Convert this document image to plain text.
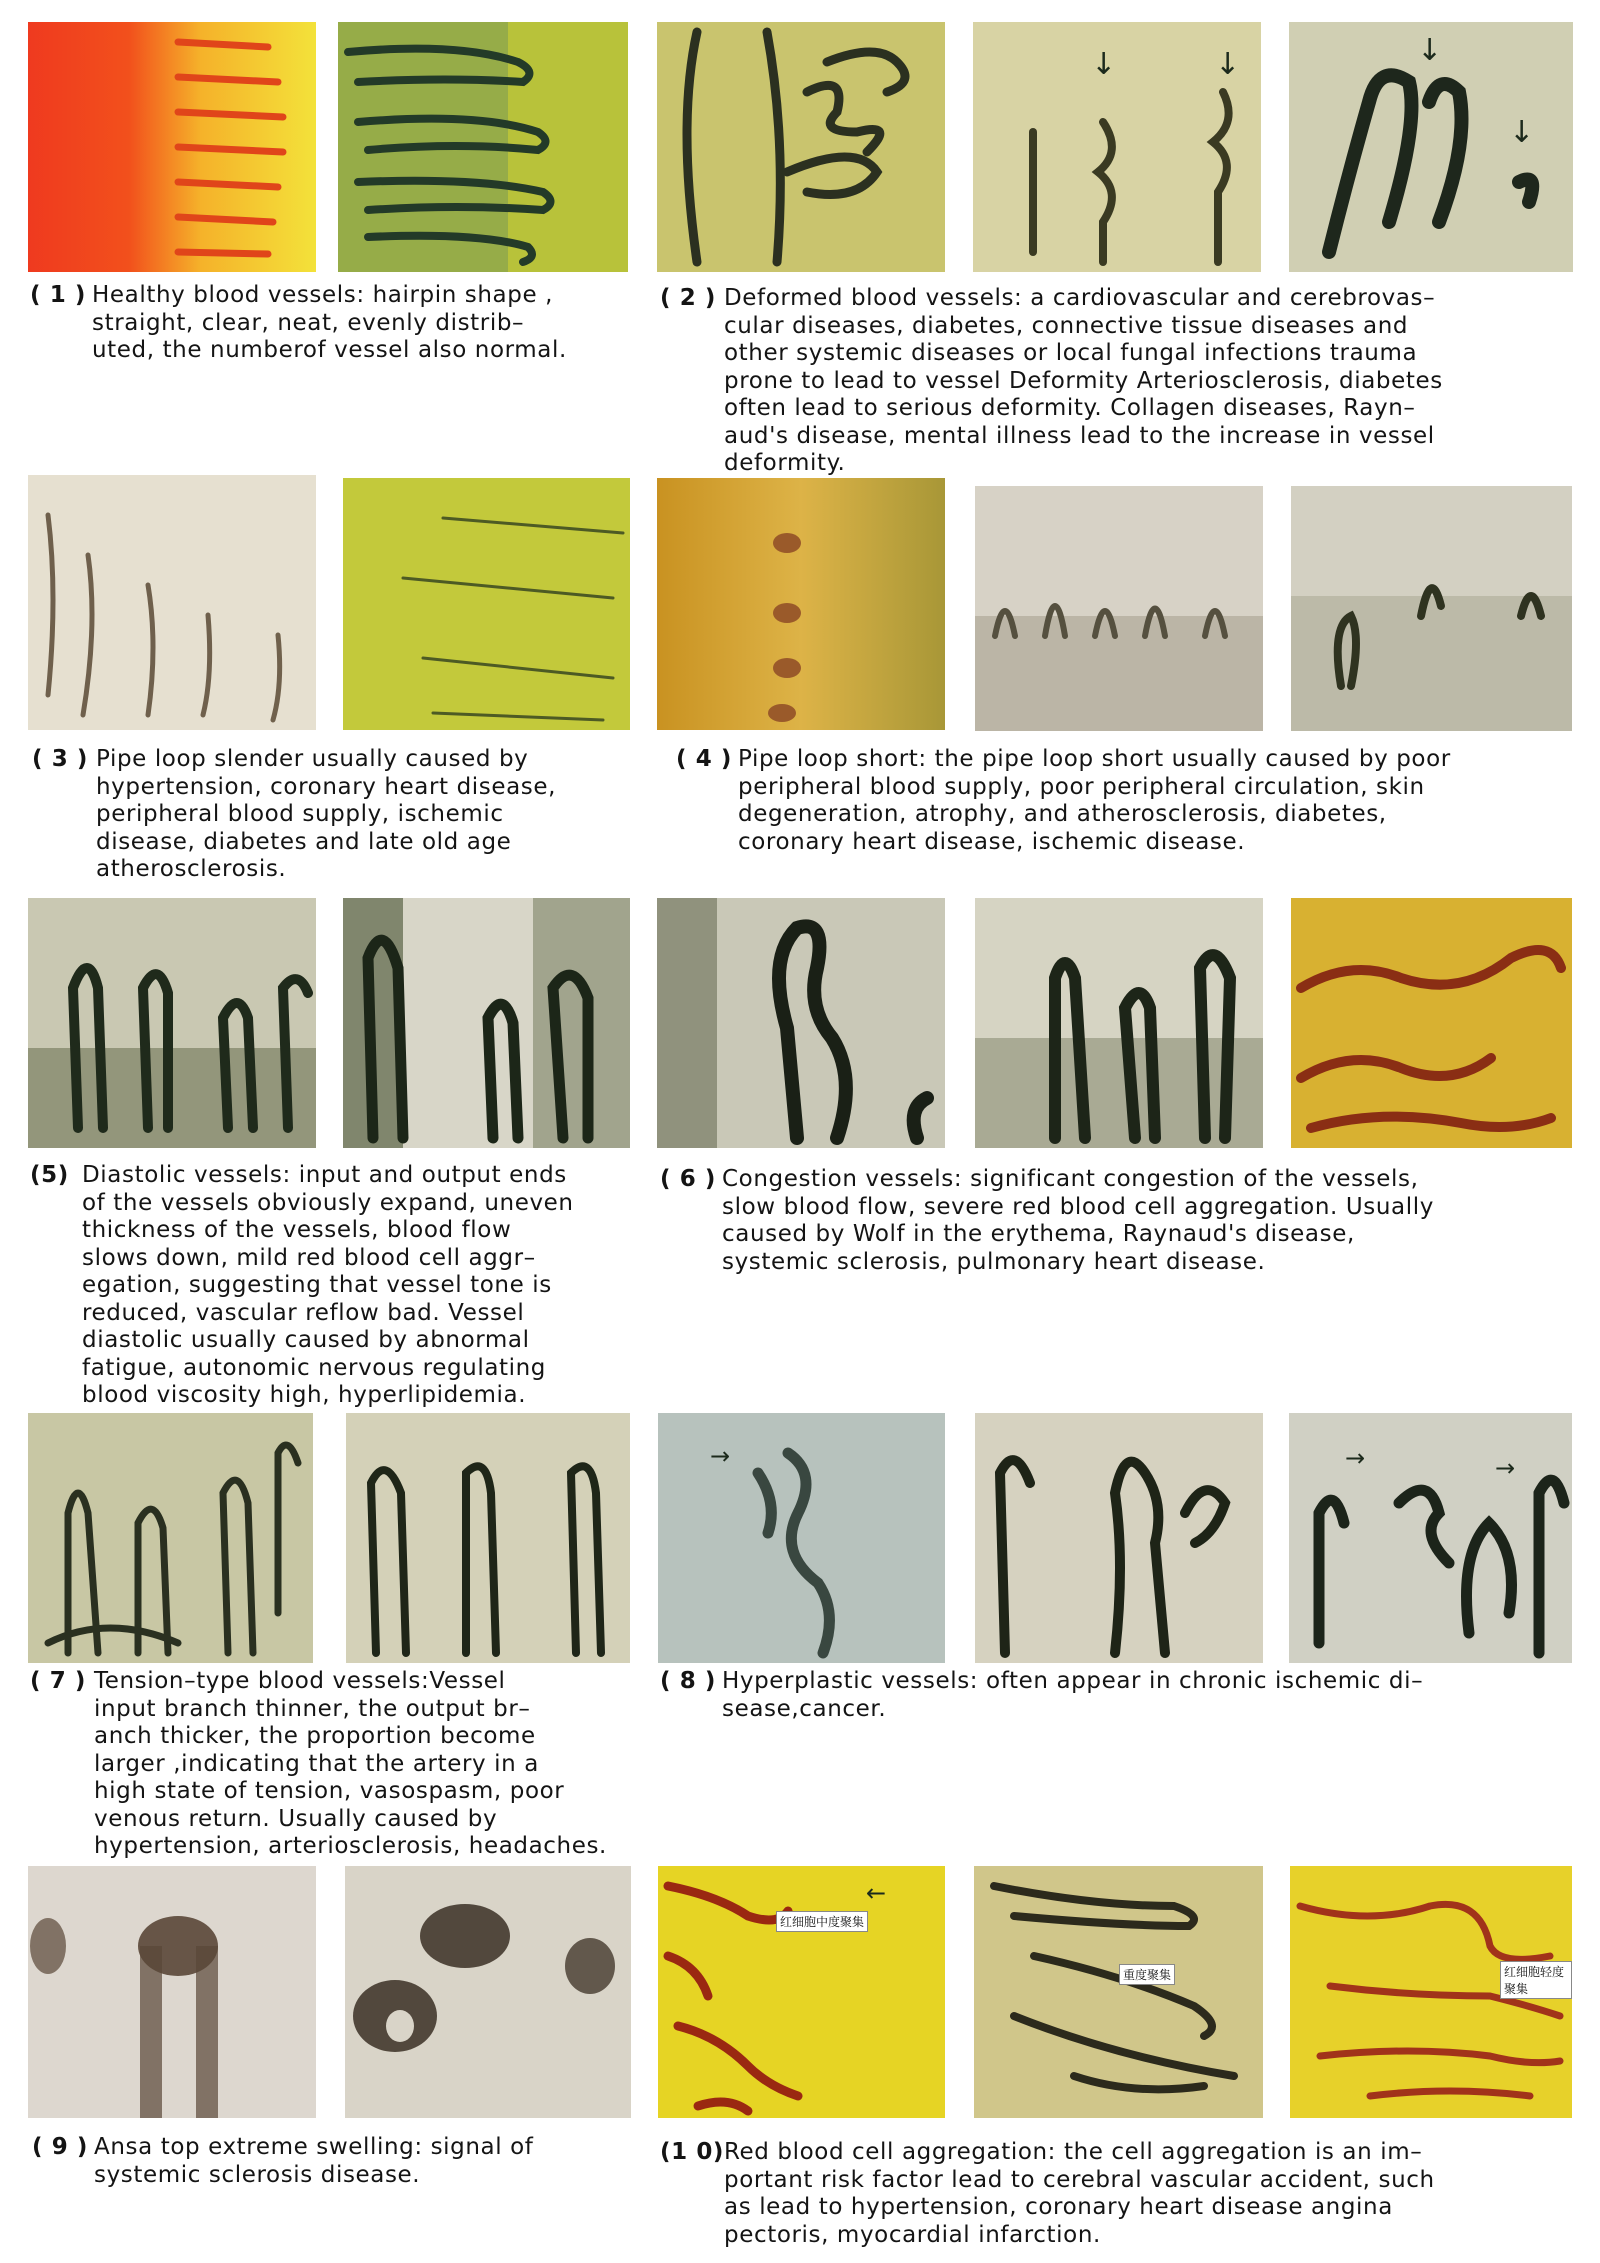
↓	↓	↓
↓
( 1 ) Healthy blood vessels: hairpin shape ,
straight, clear, neat, evenly distrib–
uted, the numberof vessel also normal.
( 2 ) Deformed blood vessels: a cardiovascular and cerebrovas–
cular diseases, diabetes, connective tissue diseases and
other systemic diseases or local fungal infections trauma
prone to lead to vessel Deformity Arteriosclerosis, diabetes
often lead to serious deformity. Collagen diseases, Rayn–
aud's disease, mental illness lead to the increase in vessel
deformity.
( 3 ) Pipe loop slender usually caused by
hypertension, coronary heart disease,
peripheral blood supply, ischemic
disease, diabetes and late old age
atherosclerosis.
( 4 ) Pipe loop short: the pipe loop short usually caused by poor
peripheral blood supply, poor peripheral circulation, skin
degeneration, atrophy, and atherosclerosis, diabetes,
coronary heart disease, ischemic disease.
(5) Diastolic vessels: input and output ends
of the vessels obviously expand, uneven
thickness of the vessels, blood flow
slows down, mild red blood cell aggr–
egation, suggesting that vessel tone is
reduced, vascular reflow bad. Vessel
diastolic usually caused by abnormal
fatigue, autonomic nervous regulating
blood viscosity high, hyperlipidemia.
( 6 ) Congestion vessels: significant congestion of the vessels,
slow blood flow, severe red blood cell aggregation. Usually
caused by Wolf in the erythema, Raynaud's disease,
systemic sclerosis, pulmonary heart disease.
→	→	→
( 7 ) Tension–type blood vessels:Vessel
input branch thinner, the output br–
anch thicker, the proportion become
larger ,indicating that the artery in a
high state of tension, vasospasm, poor
venous return. Usually caused by
hypertension, arteriosclerosis, headaches.
( 8 ) Hyperplastic vessels: often appear in chronic ischemic di–
sease,cancer.
红细胞中度聚集
←
重度聚集	红细胞轻度聚集
( 9 ) Ansa top extreme swelling: signal of
systemic sclerosis disease.
(1 0) Red blood cell aggregation: the cell aggregation is an im–
portant risk factor lead to cerebral vascular accident, such
as lead to hypertension, coronary heart disease angina
pectoris, myocardial infarction.
